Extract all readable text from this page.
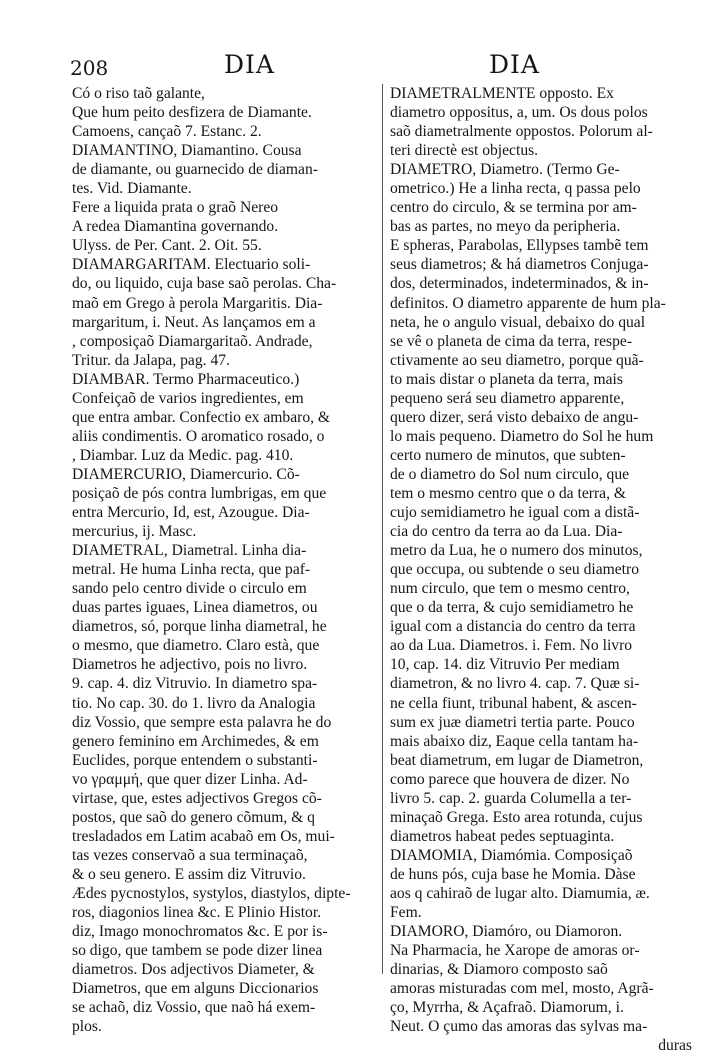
208	DIA	DIA
Có o riso taõ galante,
Que hum peito desfizera de Diamante.
Camoens, cançaõ 7. Estanc. 2.
DIAMANTINO, Diamantino. Cousa
de diamante, ou guarnecido de diaman-
tes. Vid. Diamante.
Fere a liquida prata o graõ Nereo
A redea Diamantina governando.
Ulyss. de Per. Cant. 2. Oit. 55.
DIAMARGARITAM. Electuario soli-
do, ou liquido, cuja base saõ perolas. Cha-
maõ em Grego à perola Margaritis. Dia-
margaritum, i. Neut. As lançamos em a
, composiçaõ Diamargaritaõ. Andrade,
Tritur. da Jalapa, pag. 47.
DIAMBAR. Termo Pharmaceutico.)
Confeiçaõ de varios ingredientes, em
que entra ambar. Confectio ex ambaro, &
aliis condimentis. O aromatico rosado, o
, Diambar. Luz da Medic. pag. 410.
DIAMERCURIO, Diamercurio. Cõ-
posiçaõ de pós contra lumbrigas, em que
entra Mercurio, Id, est, Azougue. Dia-
mercurius, ij. Masc.
DIAMETRAL, Diametral. Linha dia-
metral. He huma Linha recta, que paf-
sando pelo centro divide o circulo em
duas partes iguaes, Linea diametros, ou
diametros, só, porque linha diametral, he
o mesmo, que diametro. Claro està, que
Diametros he adjectivo, pois no livro.
9. cap. 4. diz Vitruvio. In diametro spa-
tio. No cap. 30. do 1. livro da Analogia
diz Vossio, que sempre esta palavra he do
genero feminino em Archimedes, & em
Euclides, porque entendem o substanti-
vo γραμμή, que quer dizer Linha. Ad-
virtase, que, estes adjectivos Gregos cõ-
postos, que saõ do genero cõmum, & q
tresladados em Latim acabaõ em Os, mui-
tas vezes conservaõ a sua terminaçaõ,
& o seu genero. E assim diz Vitruvio.
Ædes pycnostylos, systylos, diastylos, dipte-
ros, diagonios linea &c. E Plinio Histor.
diz, Imago monochromatos &c. E por is-
so digo, que tambem se pode dizer linea
diametros. Dos adjectivos Diameter, &
Diametros, que em alguns Diccionarios
se achaõ, diz Vossio, que naõ há exem-
plos.
DIAMETRALMENTE opposto. Ex
diametro oppositus, a, um. Os dous polos
saõ diametralmente oppostos. Polorum al-
teri directè est objectus.
DIAMETRO, Diametro. (Termo Ge-
ometrico.) He a linha recta, q passa pelo
centro do circulo, & se termina por am-
bas as partes, no meyo da peripheria.
E spheras, Parabolas, Ellypses tambẽ tem
seus diametros; & há diametros Conjuga-
dos, determinados, indeterminados, & in-
definitos. O diametro apparente de hum pla-
neta, he o angulo visual, debaixo do qual
se vê o planeta de cima da terra, respe-
ctivamente ao seu diametro, porque quã-
to mais distar o planeta da terra, mais
pequeno será seu diametro apparente,
quero dizer, será visto debaixo de angu-
lo mais pequeno. Diametro do Sol he hum
certo numero de minutos, que subten-
de o diametro do Sol num circulo, que
tem o mesmo centro que o da terra, &
cujo semidiametro he igual com a distã-
cia do centro da terra ao da Lua. Dia-
metro da Lua, he o numero dos minutos,
que occupa, ou subtende o seu diametro
num circulo, que tem o mesmo centro,
que o da terra, & cujo semidiametro he
igual com a distancia do centro da terra
ao da Lua. Diametros. i. Fem. No livro
10, cap. 14. diz Vitruvio Per mediam
diametron, & no livro 4. cap. 7. Quæ si-
ne cella fiunt, tribunal habent, & ascen-
sum ex juæ diametri tertia parte. Pouco
mais abaixo diz, Eaque cella tantam ha-
beat diametrum, em lugar de Diametron,
como parece que houvera de dizer. No
livro 5. cap. 2. guarda Columella a ter-
minaçaõ Grega. Esto area rotunda, cujus
diametros habeat pedes septuaginta.
DIAMOMIA, Diamómia. Composiçaõ
de huns pós, cuja base he Momia. Dàse
aos q cahiraõ de lugar alto. Diamumia, æ.
Fem.
DIAMORO, Diamóro, ou Diamoron.
Na Pharmacia, he Xarope de amoras or-
dinarias, & Diamoro composto saõ
amoras misturadas com mel, mosto, Agrã-
ço, Myrrha, & Açafraõ. Diamorum, i.
Neut. O çumo das amoras das sylvas ma-
duras
